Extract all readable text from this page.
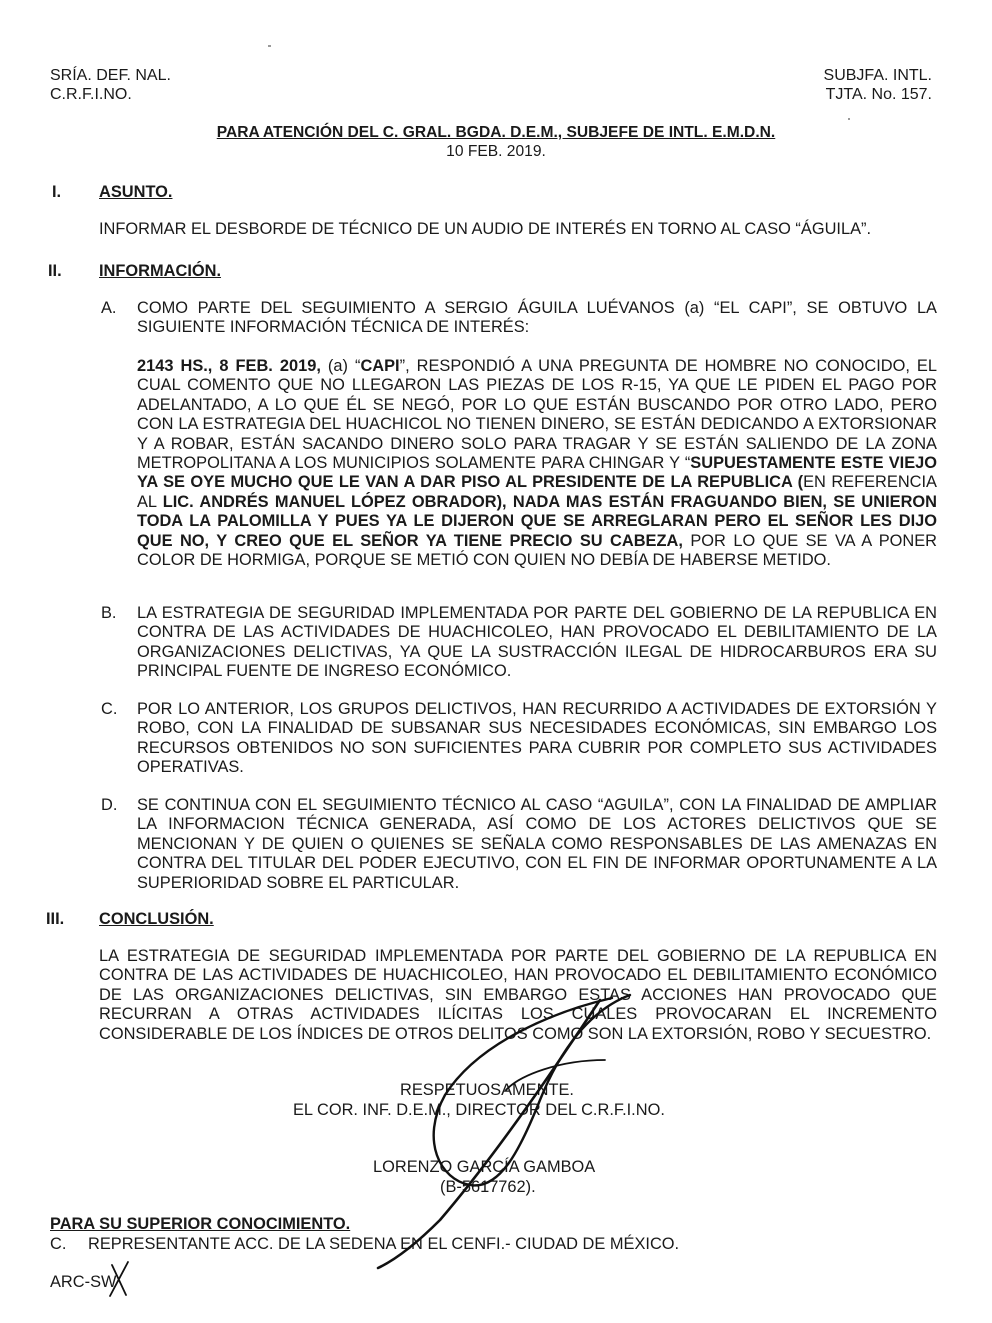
SRÍA. DEF. NAL.
C.R.F.I.NO.
SUBJFA. INTL.
TJTA. No. 157.
PARA ATENCIÓN DEL C. GRAL. BGDA. D.E.M., SUBJEFE DE INTL. E.M.D.N.
10 FEB. 2019.
I. ASUNTO.

INFORMAR EL DESBORDE DE TÉCNICO DE UN AUDIO DE INTERÉS EN TORNO AL CASO “ÁGUILA”.

II. INFORMACIÓN.
A. COMO PARTE DEL SEGUIMIENTO A SERGIO ÁGUILA LUÉVANOS (a) “EL CAPI”, SE OBTUVO LA SIGUIENTE INFORMACIÓN TÉCNICA DE INTERÉS:

2143 HS., 8 FEB. 2019, (a) “CAPI”, RESPONDIÓ A UNA PREGUNTA DE HOMBRE NO CONOCIDO, EL CUAL COMENTO QUE NO LLEGARON LAS PIEZAS DE LOS R-15, YA QUE LE PIDEN EL PAGO POR ADELANTADO, A LO QUE ÉL SE NEGÓ, POR LO QUE ESTÁN BUSCANDO POR OTRO LADO, PERO CON LA ESTRATEGIA DEL HUACHICOL NO TIENEN DINERO, SE ESTÁN DEDICANDO A EXTORSIONAR Y A ROBAR, ESTÁN SACANDO DINERO SOLO PARA TRAGAR Y SE ESTÁN SALIENDO DE LA ZONA METROPOLITANA A LOS MUNICIPIOS SOLAMENTE PARA CHINGAR Y “SUPUESTAMENTE ESTE VIEJO YA SE OYE MUCHO QUE LE VAN A DAR PISO AL PRESIDENTE DE LA REPUBLICA (EN REFERENCIA AL LIC. ANDRÉS MANUEL LÓPEZ OBRADOR), NADA MAS ESTÁN FRAGUANDO BIEN, SE UNIERON TODA LA PALOMILLA Y PUES YA LE DIJERON QUE SE ARREGLARAN PERO EL SEÑOR LES DIJO QUE NO, Y CREO QUE EL SEÑOR YA TIENE PRECIO SU CABEZA, POR LO QUE SE VA A PONER COLOR DE HORMIGA, PORQUE SE METIÓ CON QUIEN NO DEBÍA DE HABERSE METIDO.

B. LA ESTRATEGIA DE SEGURIDAD IMPLEMENTADA POR PARTE DEL GOBIERNO DE LA REPUBLICA EN CONTRA DE LAS ACTIVIDADES DE HUACHICOLEO, HAN PROVOCADO EL DEBILITAMIENTO DE LA ORGANIZACIONES DELICTIVAS, YA QUE LA SUSTRACCIÓN ILEGAL DE HIDROCARBUROS ERA SU PRINCIPAL FUENTE DE INGRESO ECONÓMICO.

C. POR LO ANTERIOR, LOS GRUPOS DELICTIVOS, HAN RECURRIDO A ACTIVIDADES DE EXTORSIÓN Y ROBO, CON LA FINALIDAD DE SUBSANAR SUS NECESIDADES ECONÓMICAS, SIN EMBARGO LOS RECURSOS OBTENIDOS NO SON SUFICIENTES PARA CUBRIR POR COMPLETO SUS ACTIVIDADES OPERATIVAS.

D. SE CONTINUA CON EL SEGUIMIENTO TÉCNICO AL CASO “AGUILA”, CON LA FINALIDAD DE AMPLIAR LA INFORMACION TÉCNICA GENERADA, ASÍ COMO DE LOS ACTORES DELICTIVOS QUE SE MENCIONAN Y DE QUIEN O QUIENES SE SEÑALA COMO RESPONSABLES DE LAS AMENAZAS EN CONTRA DEL TITULAR DEL PODER EJECUTIVO, CON EL FIN DE INFORMAR OPORTUNAMENTE A LA SUPERIORIDAD SOBRE EL PARTICULAR.

III. CONCLUSIÓN.

LA ESTRATEGIA DE SEGURIDAD IMPLEMENTADA POR PARTE DEL GOBIERNO DE LA REPUBLICA EN CONTRA DE LAS ACTIVIDADES DE HUACHICOLEO, HAN PROVOCADO EL DEBILITAMIENTO ECONÓMICO DE LAS ORGANIZACIONES DELICTIVAS, SIN EMBARGO ESTAS ACCIONES HAN PROVOCADO QUE RECURRAN A OTRAS ACTIVIDADES ILÍCITAS LOS CUALES PROVOCARAN EL INCREMENTO CONSIDERABLE DE LOS ÍNDICES DE OTROS DELITOS COMO SON LA EXTORSIÓN, ROBO Y SECUESTRO.

RESPETUOSAMENTE.
EL COR. INF. D.E.M., DIRECTOR DEL C.R.F.I.NO.
LORENZO GARCÍA GAMBOA
(B-5617762).
PARA SU SUPERIOR CONOCIMIENTO.
C. REPRESENTANTE ACC. DE LA SEDENA EN EL CENFI.- CIUDAD DE MÉXICO.
ARC-SW
